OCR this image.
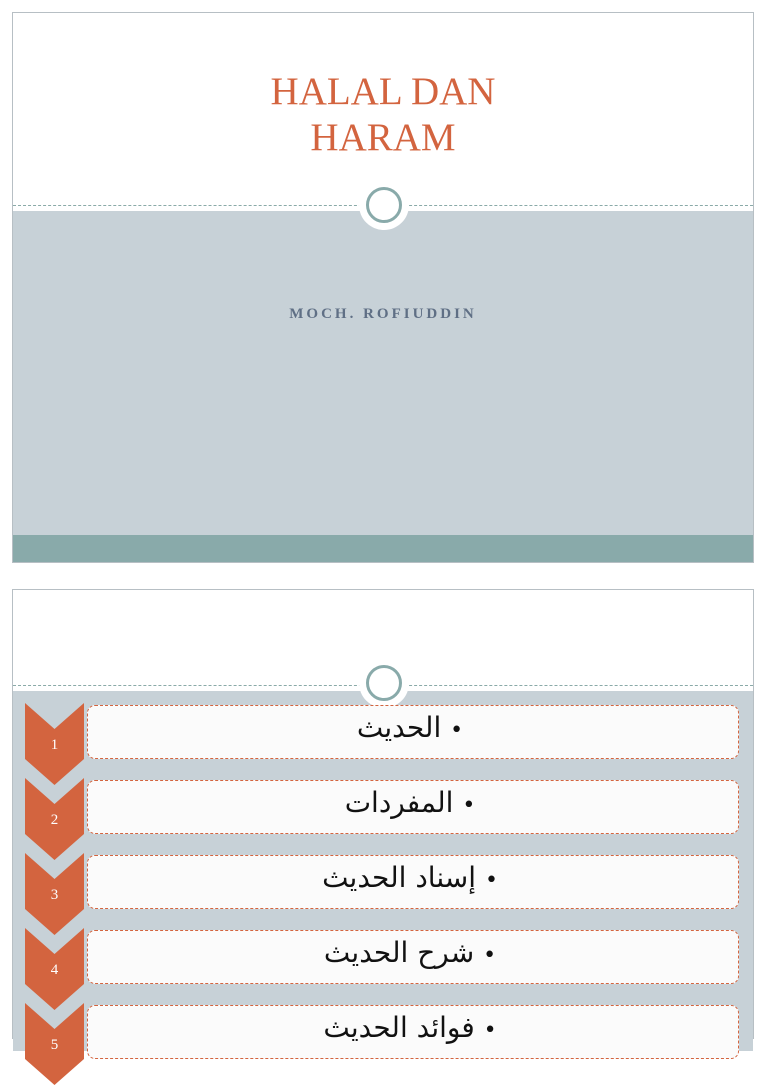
HALAL DAN
HARAM
MOCH. ROFIUDDIN
1
• الحديث
2
• المفردات
3
• إسناد الحديث
4
• شرح الحديث
5
• فوائد الحديث
